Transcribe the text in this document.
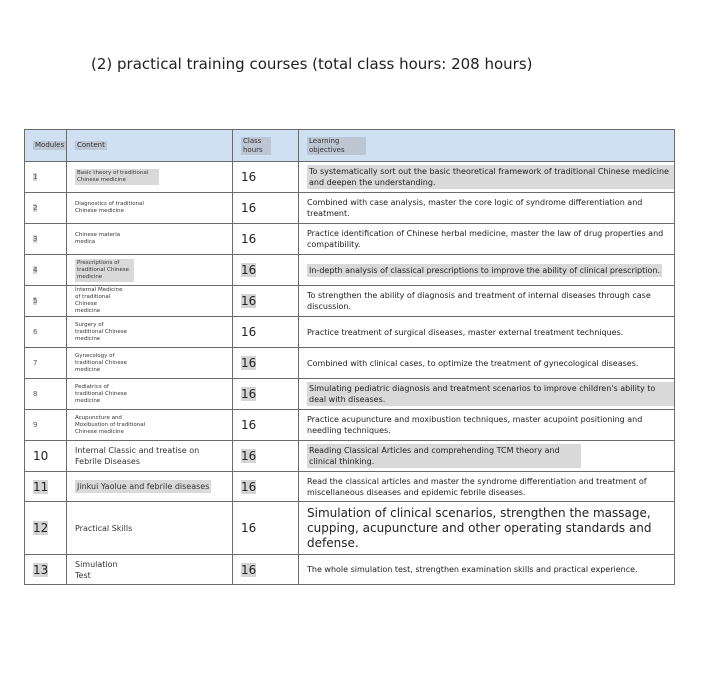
(2) practical training courses (total class hours: 208 hours)
Modules	Content	Class hours	Learning objectives
1	Basic theory of traditional Chinese medicine	16	To systematically sort out the basic theoretical framework of traditional Chinese medicine and deepen the understanding.
2	Diagnostics of traditional Chinese medicine	16	Combined with case analysis, master the core logic of syndrome differentiation and treatment.
3	Chinese materia medica	16	Practice identification of Chinese herbal medicine, master the law of drug properties and compatibility.
4	Prescriptions of traditional Chinese medicine	16	In-depth analysis of classical prescriptions to improve the ability of clinical prescription.
5	Internal Medicine of traditional Chinese medicine	16	To strengthen the ability of diagnosis and treatment of internal diseases through case discussion.
6	Surgery of traditional Chinese medicine	16	Practice treatment of surgical diseases, master external treatment techniques.
7	Gynecology of traditional Chinese medicine	16	Combined with clinical cases, to optimize the treatment of gynecological diseases.
8	Pediatrics of traditional Chinese medicine	16	Simulating pediatric diagnosis and treatment scenarios to improve children's ability to deal with diseases.
9	Acupuncture and Moxibustion of traditional Chinese medicine	16	Practice acupuncture and moxibustion techniques, master acupoint positioning and needling techniques.
10	Internal Classic and treatise on Febrile Diseases	16	Reading Classical Articles and comprehending TCM theory and clinical thinking.
11	Jinkui Yaolue and febrile diseases	16	Read the classical articles and master the syndrome differentiation and treatment of miscellaneous diseases and epidemic febrile diseases.
12	Practical Skills	16	Simulation of clinical scenarios, strengthen the massage, cupping, acupuncture and other operating standards and defense.
13	Simulation Test	16	The whole simulation test, strengthen examination skills and practical experience.
